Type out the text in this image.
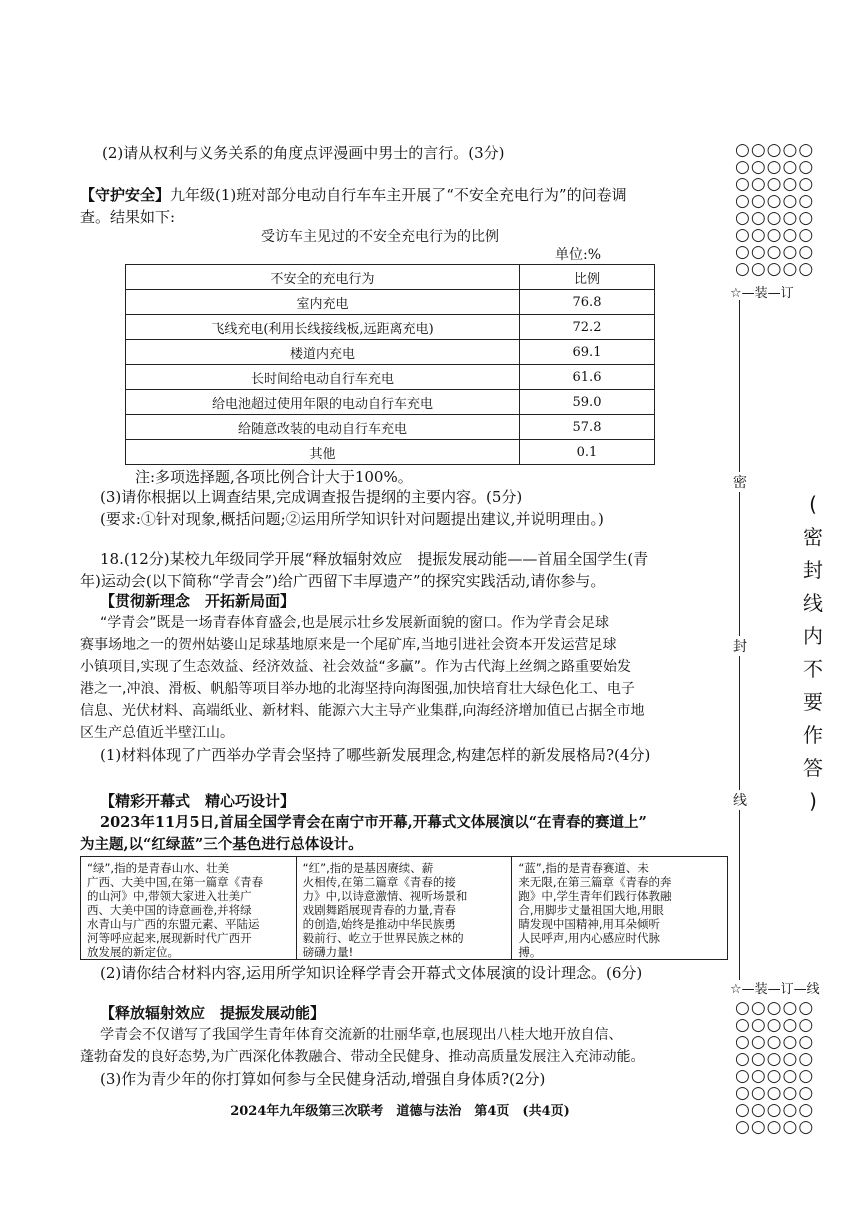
(2)请从权利与义务关系的角度点评漫画中男士的言行。(3分)
【守护安全】九年级(1)班对部分电动自行车车主开展了“不安全充电行为”的问卷调
查。结果如下:
受访车主见过的不安全充电行为的比例
单位:%
不安全的充电行为	比例
室内充电	76.8
飞线充电(利用长线接线板,远距离充电)	72.2
楼道内充电	69.1
长时间给电动自行车充电	61.6
给电池超过使用年限的电动自行车充电	59.0
给随意改装的电动自行车充电	57.8
其他	0.1
注:多项选择题,各项比例合计大于100%。
(3)请你根据以上调查结果,完成调查报告提纲的主要内容。(5分)
(要求:①针对现象,概括问题;②运用所学知识针对问题提出建议,并说明理由。)
18.(12分)某校九年级同学开展“释放辐射效应　提振发展动能——首届全国学生(青
年)运动会(以下简称“学青会”)给广西留下丰厚遗产”的探究实践活动,请你参与。
【贯彻新理念　开拓新局面】
“学青会”既是一场青春体育盛会,也是展示壮乡发展新面貌的窗口。作为学青会足球
赛事场地之一的贺州姑婆山足球基地原来是一个尾矿库,当地引进社会资本开发运营足球
小镇项目,实现了生态效益、经济效益、社会效益“多赢”。作为古代海上丝绸之路重要始发
港之一,冲浪、滑板、帆船等项目举办地的北海坚持向海图强,加快培育壮大绿色化工、电子
信息、光伏材料、高端纸业、新材料、能源六大主导产业集群,向海经济增加值已占据全市地
区生产总值近半壁江山。
(1)材料体现了广西举办学青会坚持了哪些新发展理念,构建怎样的新发展格局?(4分)
【精彩开幕式　精心巧设计】
2023年11月5日,首届全国学青会在南宁市开幕,开幕式文体展演以“在青春的赛道上”
为主题,以“红绿蓝”三个基色进行总体设计。
“绿”,指的是青春山水、壮美
广西、大美中国,在第一篇章《青春
的山河》中,带领大家进入壮美广
西、大美中国的诗意画卷,并将绿
水青山与广西的东盟元素、平陆运
河等呼应起来,展现新时代广西开
放发展的新定位。
“红”,指的是基因赓续、薪
火相传,在第二篇章《青春的接
力》中,以诗意激情、视听场景和
戏剧舞蹈展现青春的力量,青春
的创造,始终是推动中华民族勇
毅前行、屹立于世界民族之林的
磅礴力量!
“蓝”,指的是青春赛道、未
来无限,在第三篇章《青春的奔
跑》中,学生青年们践行体教融
合,用脚步丈量祖国大地,用眼
睛发现中国精神,用耳朵倾听
人民呼声,用内心感应时代脉
搏。
(2)请你结合材料内容,运用所学知识诠释学青会开幕式文体展演的设计理念。(6分)
【释放辐射效应　提振发展动能】
学青会不仅谱写了我国学生青年体育交流新的壮丽华章,也展现出八桂大地开放自信、
蓬勃奋发的良好态势,为广西深化体教融合、带动全民健身、推动高质量发展注入充沛动能。
(3)作为青少年的你打算如何参与全民健身活动,增强自身体质?(2分)
2024年九年级第三次联考　道德与法治　第4页　(共4页)
○○○○○
○○○○○
○○○○○
○○○○○
○○○○○
○○○○○
○○○○○
○○○○○
☆—装—订
密
封
线
☆—装—订—线
○○○○○
○○○○○
○○○○○
○○○○○
○○○○○
○○○○○
○○○○○
○○○○○
(
密
封
线
内
不
要
作
答
)
